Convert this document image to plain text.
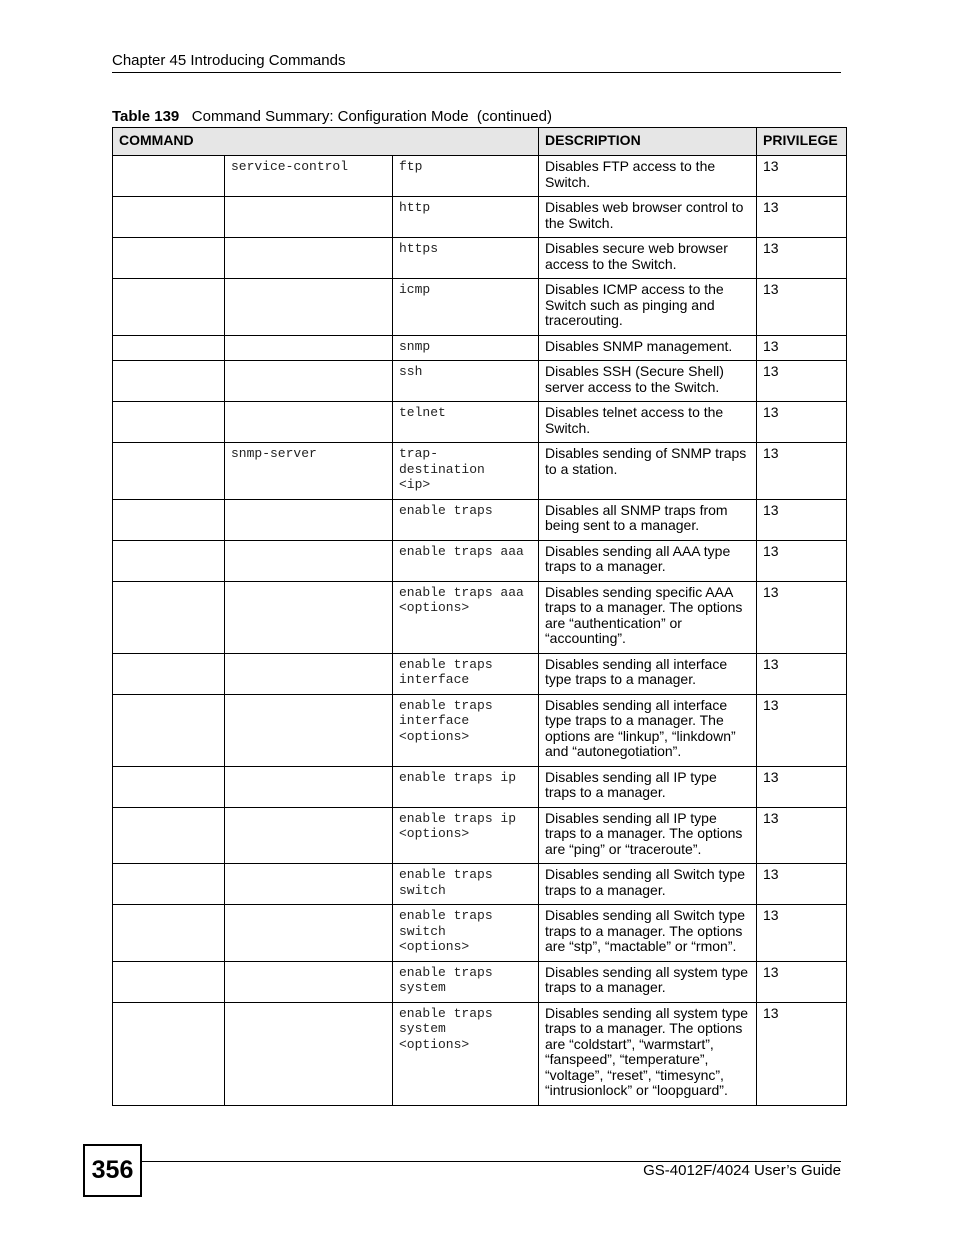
Chapter 45 Introducing Commands
Table 139 Command Summary: Configuration Mode  (continued)
COMMAND			DESCRIPTION	PRIVILEGE
	service-control	ftp	Disables FTP access to the Switch.	13
		http	Disables web browser control to the Switch.	13
		https	Disables secure web browser access to the Switch.	13
		icmp	Disables ICMP access to the Switch such as pinging and tracerouting.	13
		snmp	Disables SNMP management.	13
		ssh	Disables SSH (Secure Shell) server access to the Switch.	13
		telnet	Disables telnet access to the Switch.	13
	snmp-server	trap-
destination
<ip>	Disables sending of SNMP traps to a station.	13
		enable traps	Disables all SNMP traps from being sent to a manager.	13
		enable traps aaa	Disables sending all AAA type traps to a manager.	13
		enable traps aaa
<options>	Disables sending specific AAA traps to a manager. The options are “authentication” or “accounting”.	13
		enable traps
interface	Disables sending all interface type traps to a manager.	13
		enable traps
interface
<options>	Disables sending all interface type traps to a manager. The options are “linkup”, “linkdown” and “autonegotiation”.	13
		enable traps ip	Disables sending all IP type traps to a manager.	13
		enable traps ip
<options>	Disables sending all IP type traps to a manager. The options are “ping” or “traceroute”.	13
		enable traps
switch	Disables sending all Switch type traps to a manager.	13
		enable traps
switch
<options>	Disables sending all Switch type traps to a manager. The options are “stp”, “mactable” or “rmon”.	13
		enable traps
system	Disables sending all system type traps to a manager.	13
		enable traps
system
<options>	Disables sending all system type traps to a manager. The options are “coldstart”, “warmstart”, “fanspeed”, “temperature”, “voltage”, “reset”, “timesync”, “intrusionlock” or “loopguard”.	13
356	GS-4012F/4024 User’s Guide
